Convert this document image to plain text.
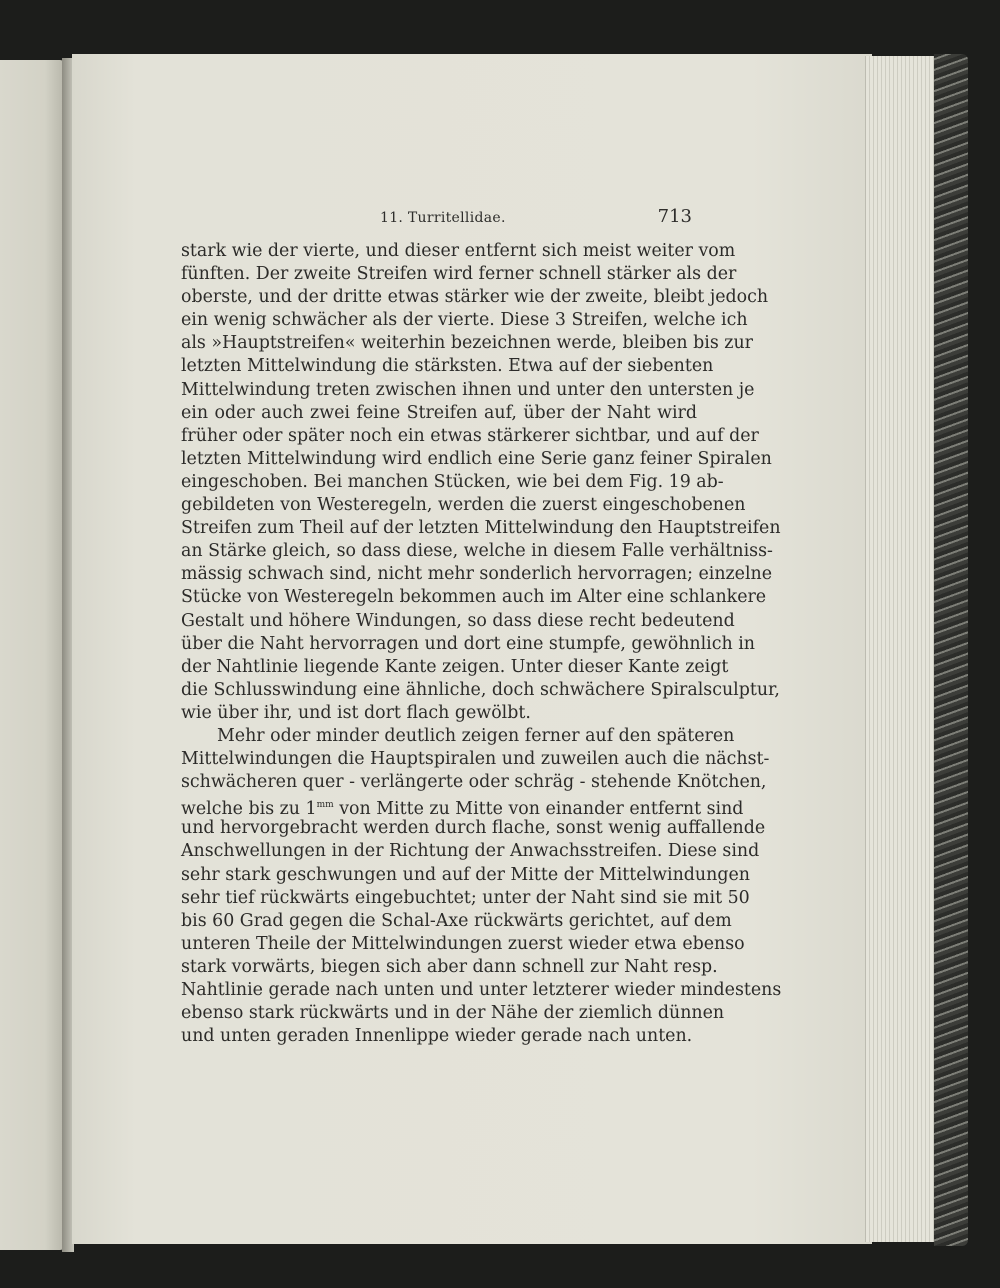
11. Turritellidae.	713
stark wie der vierte, und dieser entfernt sich meist weiter vom
fünften. Der zweite Streifen wird ferner schnell stärker als der
oberste, und der dritte etwas stärker wie der zweite, bleibt jedoch
ein wenig schwächer als der vierte. Diese 3 Streifen, welche ich
als »Hauptstreifen« weiterhin bezeichnen werde, bleiben bis zur
letzten Mittelwindung die stärksten. Etwa auf der siebenten
Mittelwindung treten zwischen ihnen und unter den untersten je
ein oder auch zwei feine Streifen auf, über der Naht wird
früher oder später noch ein etwas stärkerer sichtbar, und auf der
letzten Mittelwindung wird endlich eine Serie ganz feiner Spiralen
eingeschoben. Bei manchen Stücken, wie bei dem Fig. 19 ab-
gebildeten von Westeregeln, werden die zuerst eingeschobenen
Streifen zum Theil auf der letzten Mittelwindung den Hauptstreifen
an Stärke gleich, so dass diese, welche in diesem Falle verhältniss-
mässig schwach sind, nicht mehr sonderlich hervorragen; einzelne
Stücke von Westeregeln bekommen auch im Alter eine schlankere
Gestalt und höhere Windungen, so dass diese recht bedeutend
über die Naht hervorragen und dort eine stumpfe, gewöhnlich in
der Nahtlinie liegende Kante zeigen. Unter dieser Kante zeigt
die Schlusswindung eine ähnliche, doch schwächere Spiralsculptur,
wie über ihr, und ist dort flach gewölbt.
Mehr oder minder deutlich zeigen ferner auf den späteren
Mittelwindungen die Hauptspiralen und zuweilen auch die nächst-
schwächeren quer - verlängerte oder schräg - stehende Knötchen,
welche bis zu $1^{mm}$ von Mitte zu Mitte von einander entfernt sind
und hervorgebracht werden durch flache, sonst wenig auffallende
Anschwellungen in der Richtung der Anwachsstreifen. Diese sind
sehr stark geschwungen und auf der Mitte der Mittelwindungen
sehr tief rückwärts eingebuchtet; unter der Naht sind sie mit 50
bis 60 Grad gegen die Schal-Axe rückwärts gerichtet, auf dem
unteren Theile der Mittelwindungen zuerst wieder etwa ebenso
stark vorwärts, biegen sich aber dann schnell zur Naht resp.
Nahtlinie gerade nach unten und unter letzterer wieder mindestens
ebenso stark rückwärts und in der Nähe der ziemlich dünnen
und unten geraden Innenlippe wieder gerade nach unten.
